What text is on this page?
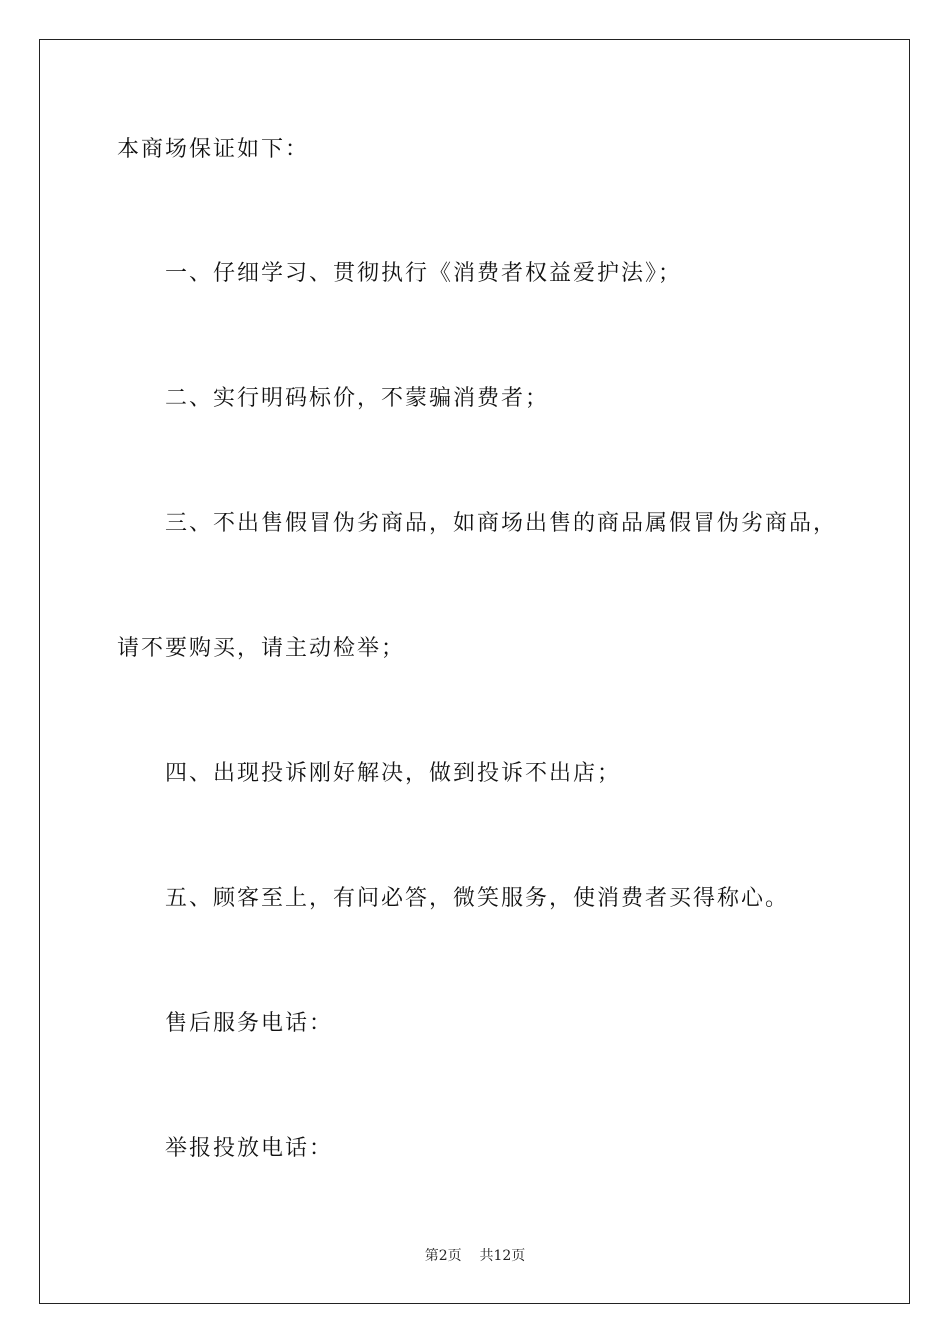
本商场保证如下：
一、仔细学习、贯彻执行《消费者权益爱护法》；
二、实行明码标价，不蒙骗消费者；
三、不出售假冒伪劣商品，如商场出售的商品属假冒伪劣商品，
请不要购买，请主动检举；
四、出现投诉刚好解决，做到投诉不出店；
五、顾客至上，有问必答，微笑服务，使消费者买得称心。
售后服务电话：
举报投放电话：
第2页    共12页
